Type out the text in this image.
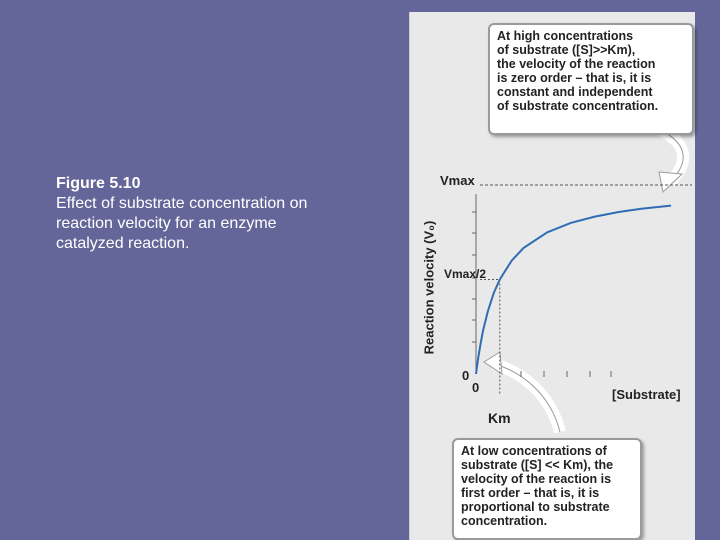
Figure 5.10
Effect of substrate concentration on
reaction velocity for an enzyme
catalyzed reaction.
At high concentrations
of substrate ([S]>>Km),
the velocity of the reaction
is zero order – that is, it is
constant and independent
of substrate concentration.
At low concentrations of
substrate ([S] << Km), the
velocity of the reaction is
first order – that is, it is
proportional to substrate
concentration.
Reaction velocity (V₀)
Vmax
Vmax/2
0
0
Km
[Substrate]
